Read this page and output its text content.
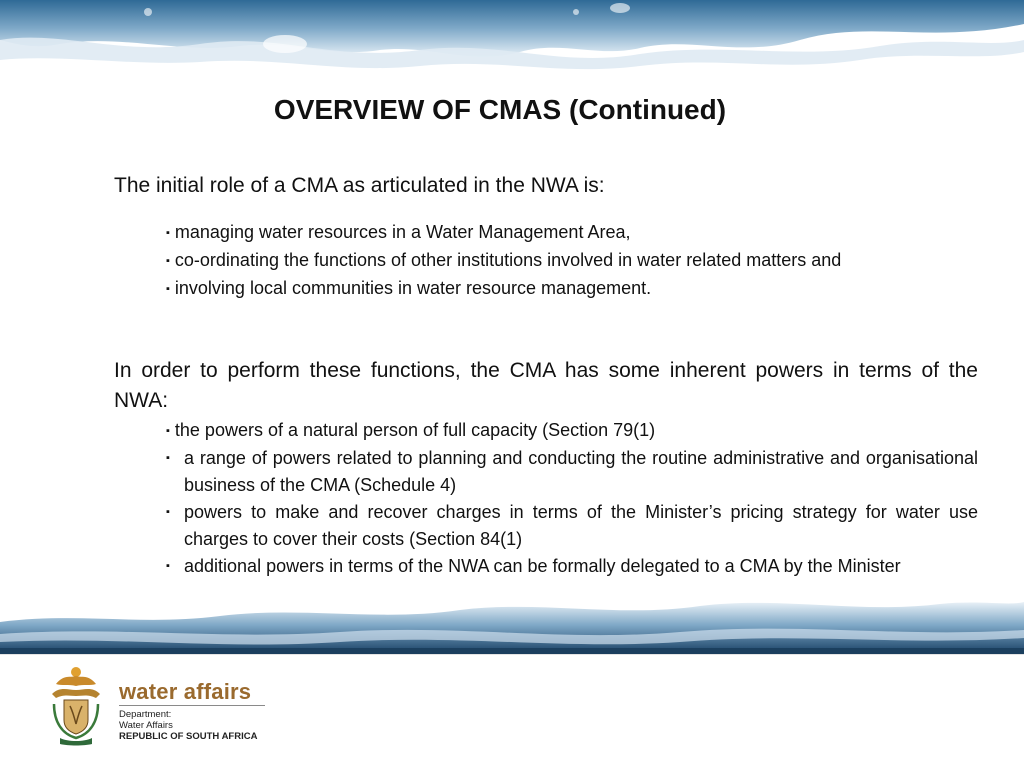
OVERVIEW OF CMAS (Continued)

The initial role of a CMA as articulated in the NWA is:

▪ managing water resources in a Water Management Area,
▪ co-ordinating the functions of other institutions involved in water related matters and
▪ involving local communities in water resource management.

In order to perform these functions, the CMA has some inherent powers in terms of the NWA:

▪ the powers of a natural person of full capacity (Section 79(1)
▪ a range of powers related to planning and conducting the routine administrative and organisational business of the CMA (Schedule 4)
▪ powers to make and recover charges in terms of the Minister’s pricing strategy for water use charges to cover their costs (Section 84(1)
▪ additional powers in terms of the NWA can be formally delegated to a CMA by the Minister
water affairs
Department:
Water Affairs
REPUBLIC OF SOUTH AFRICA
